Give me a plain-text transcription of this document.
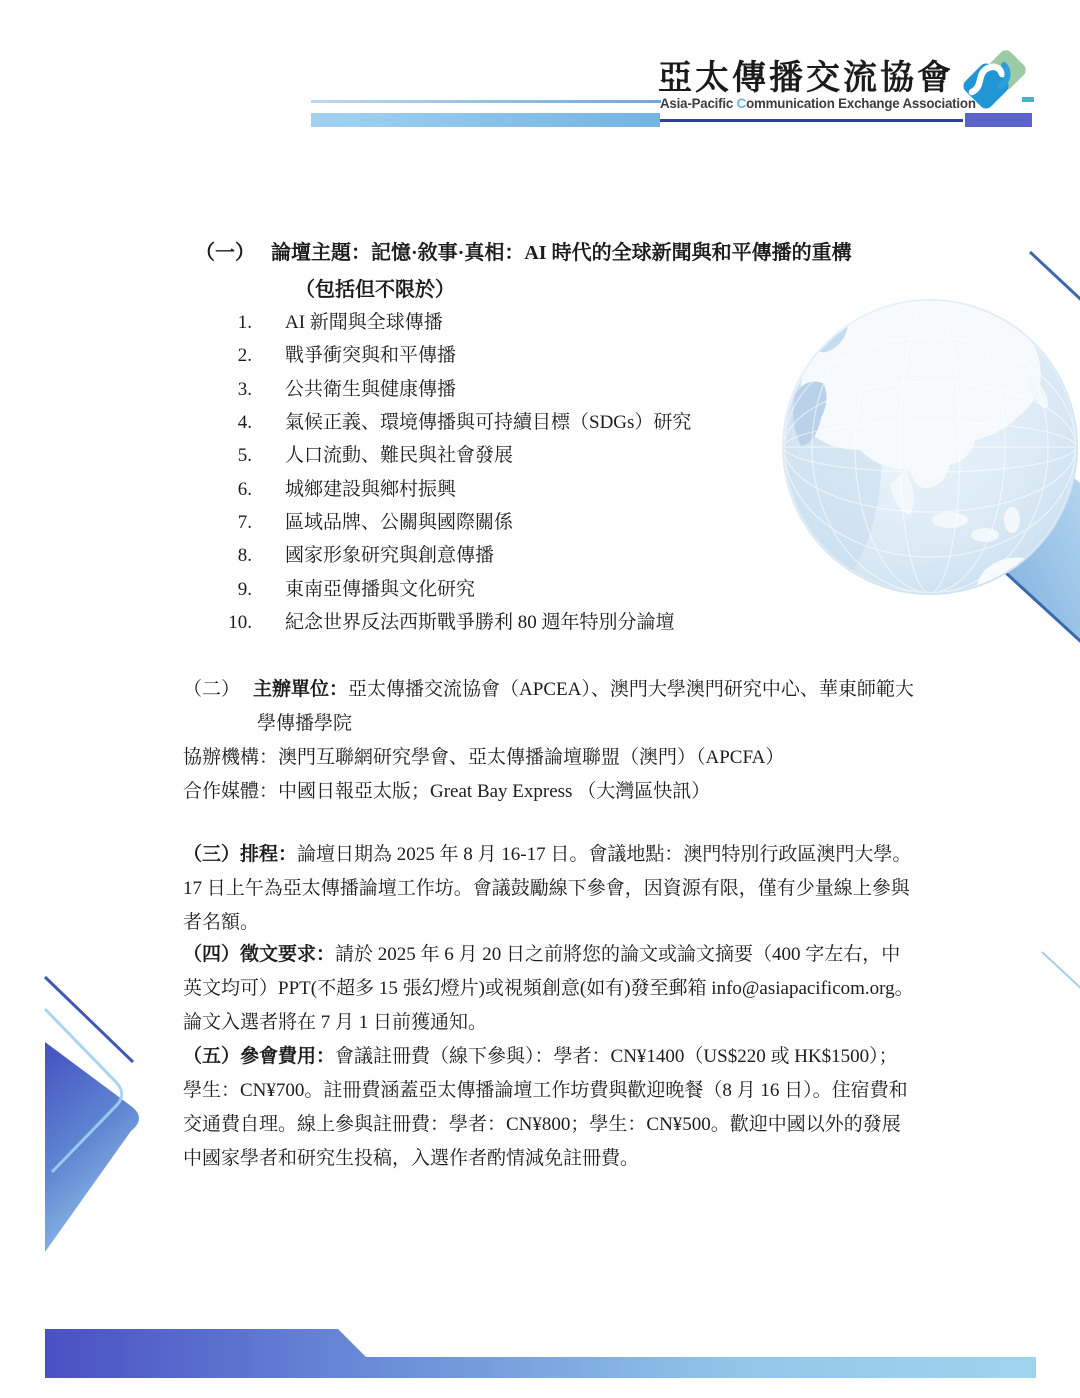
亞太傳播交流協會
Asia-Pacific Communication Exchange Association
（一） 論壇主題：記憶·敘事·真相：AI 時代的全球新聞與和平傳播的重構
（包括但不限於）
1. AI 新聞與全球傳播
2. 戰爭衝突與和平傳播
3. 公共衛生與健康傳播
4. 氣候正義、環境傳播與可持續目標（SDGs）研究
5. 人口流動、難民與社會發展
6. 城鄉建設與鄉村振興
7. 區域品牌、公關與國際關係
8. 國家形象研究與創意傳播
9. 東南亞傳播與文化研究
10. 紀念世界反法西斯戰爭勝利 80 週年特別分論壇
（二） 主辦單位：亞太傳播交流協會（APCEA）、澳門大學澳門研究中心、華東師範大
學傳播學院
協辦機構：澳門互聯網研究學會、亞太傳播論壇聯盟（澳門）（APCFA）
合作媒體：中國日報亞太版；Great Bay Express （大灣區快訊）
（三）排程：論壇日期為 2025 年 8 月 16-17 日。會議地點：澳門特別行政區澳門大學。
17 日上午為亞太傳播論壇工作坊。會議鼓勵線下參會，因資源有限，僅有少量線上參與
者名額。
（四）徵文要求：請於 2025 年 6 月 20 日之前將您的論文或論文摘要（400 字左右，中
英文均可）PPT(不超多 15 張幻燈片)或視頻創意(如有)發至郵箱 info@asiapacificom.org。
論文入選者將在 7 月 1 日前獲通知。
（五）參會費用：會議註冊費（線下參與）：學者：CN¥1400（US$220 或 HK$1500）；
學生：CN¥700。註冊費涵蓋亞太傳播論壇工作坊費與歡迎晚餐（8 月 16 日）。住宿費和
交通費自理。線上參與註冊費：學者：CN¥800；學生：CN¥500。歡迎中國以外的發展
中國家學者和研究生投稿，入選作者酌情減免註冊費。
